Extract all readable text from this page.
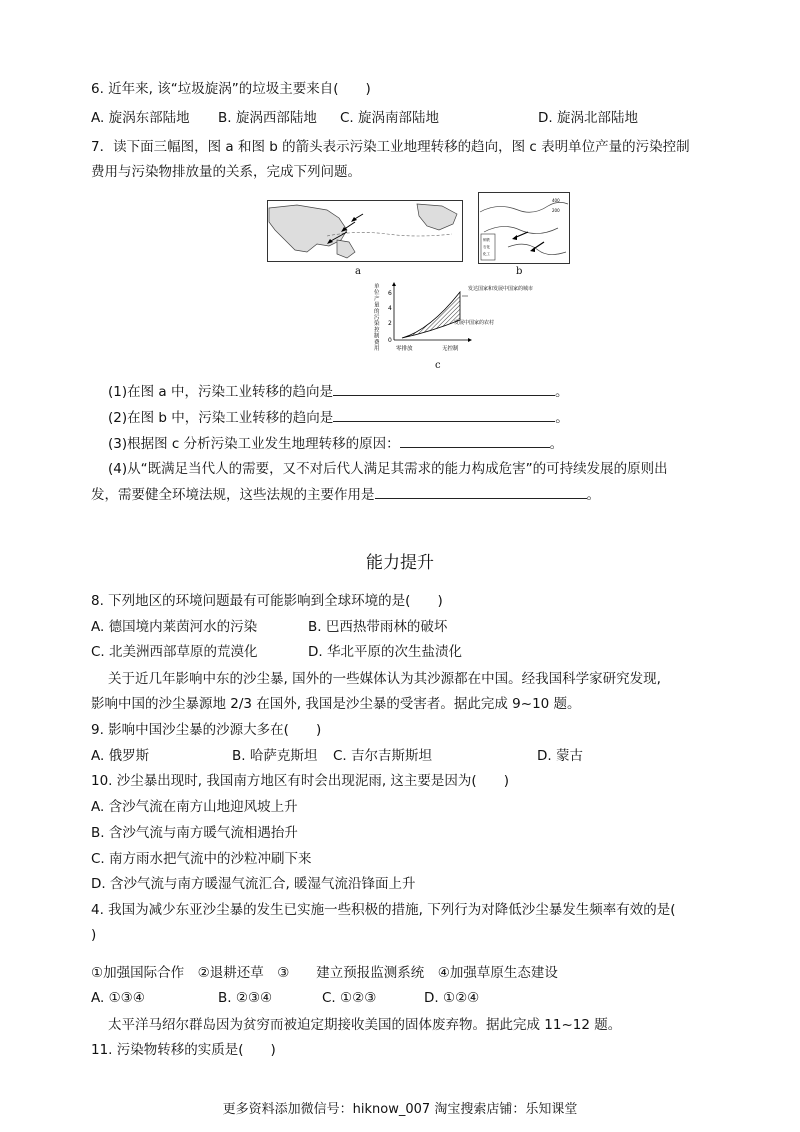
6. 近年来, 该“垃圾旋涡”的垃圾主要来自(　　)
A. 旋涡东部陆地 B. 旋涡西部陆地 C. 旋涡南部陆地	D. 旋涡北部陆地
7．读下面三幅图，图 a 和图 b 的箭头表示污染工业地理转移的趋向，图 c 表明单位产量的污染控制
费用与污染物排放量的关系，完成下列问题。
a
400
200
铜铁
石化
化工
b
单位产量的污染控制费用
0
2
4
6
发达国家和发展中国家的城市
发展中国家的农村
零排放	无控制
c
(1)在图 a 中，污染工业转移的趋向是	。
(2)在图 b 中，污染工业转移的趋向是	。
(3)根据图 c 分析污染工业发生地理转移的原因：	。
(4)从“既满足当代人的需要，又不对后代人满足其需求的能力构成危害”的可持续发展的原则出
发，需要健全环境法规，这些法规的主要作用是	。
能力提升
8. 下列地区的环境问题最有可能影响到全球环境的是(　　)
A. 德国境内莱茵河水的污染	B. 巴西热带雨林的破坏
C. 北美洲西部草原的荒漠化	D. 华北平原的次生盐渍化
关于近几年影响中东的沙尘暴, 国外的一些媒体认为其沙源都在中国。经我国科学家研究发现,
影响中国的沙尘暴源地 2/3 在国外, 我国是沙尘暴的受害者。据此完成 9~10 题。
9. 影响中国沙尘暴的沙源大多在(　　)
A. 俄罗斯	B. 哈萨克斯坦 C. 吉尔吉斯斯坦	D. 蒙古
10. 沙尘暴出现时, 我国南方地区有时会出现泥雨, 这主要是因为(　　)
A. 含沙气流在南方山地迎风坡上升
B. 含沙气流与南方暖气流相遇抬升
C. 南方雨水把气流中的沙粒冲刷下来
D. 含沙气流与南方暖湿气流汇合, 暖湿气流沿锋面上升
4. 我国为减少东亚沙尘暴的发生已实施一些积极的措施, 下列行为对降低沙尘暴发生频率有效的是(
)
①加强国际合作　②退耕还草　③　　建立预报监测系统　④加强草原生态建设
A. ①③④	B. ②③④	C. ①②③	D. ①②④
太平洋马绍尔群岛因为贫穷而被迫定期接收美国的固体废弃物。据此完成 11~12 题。
11. 污染物转移的实质是(　　)
更多资料添加微信号：hiknow_007 淘宝搜索店铺：乐知课堂
